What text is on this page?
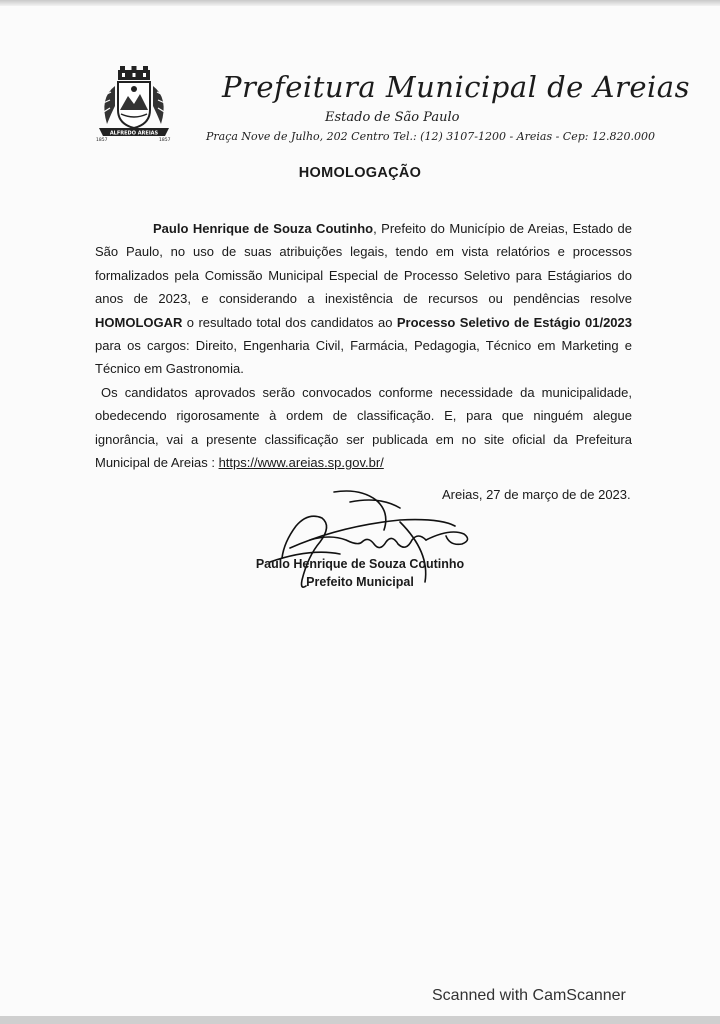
ALFREDO AREIAS
1857	1857
Prefeitura Municipal de Areias
Estado de São Paulo
Praça Nove de Julho, 202 Centro Tel.: (12) 3107-1200 - Areias - Cep: 12.820.000
HOMOLOGAÇÃO
Paulo Henrique de Souza Coutinho, Prefeito do Município de Areias, Estado de São Paulo, no uso de suas atribuições legais, tendo em vista relatórios e processos formalizados pela Comissão Municipal Especial de Processo Seletivo para Estágiarios do anos de 2023, e considerando a inexistência de recursos ou pendências resolve HOMOLOGAR o resultado total dos candidatos ao Processo Seletivo de Estágio 01/2023 para os cargos: Direito, Engenharia Civil, Farmácia, Pedagogia, Técnico em Marketing e Técnico em Gastronomia.
Os candidatos aprovados serão convocados conforme necessidade da municipalidade, obedecendo rigorosamente à ordem de classificação. E, para que ninguém alegue ignorância, vai a presente classificação ser publicada em no site oficial da Prefeitura Municipal de Areias : https://www.areias.sp.gov.br/
Areias, 27 de março de de 2023.
Paulo Henrique de Souza Coutinho
Prefeito Municipal
Scanned with CamScanner
